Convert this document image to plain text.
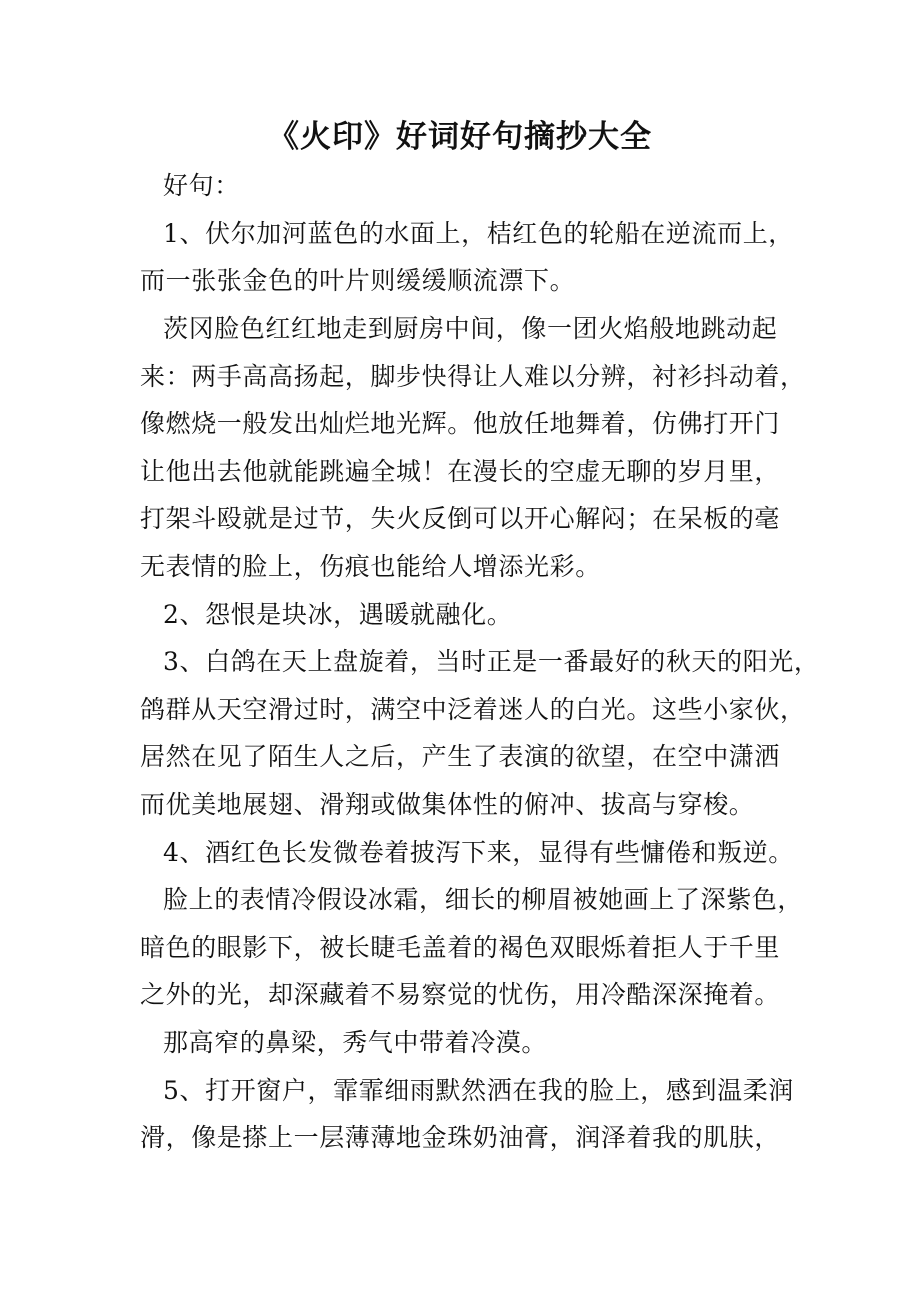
《火印》好词好句摘抄大全

好句：

1、伏尔加河蓝色的水面上，桔红色的轮船在逆流而上，

而一张张金色的叶片则缓缓顺流漂下。

茨冈脸色红红地走到厨房中间，像一团火焰般地跳动起

来：两手高高扬起，脚步快得让人难以分辨，衬衫抖动着，

像燃烧一般发出灿烂地光辉。他放任地舞着，仿佛打开门

让他出去他就能跳遍全城！在漫长的空虚无聊的岁月里，

打架斗殴就是过节，失火反倒可以开心解闷；在呆板的毫

无表情的脸上，伤痕也能给人增添光彩。

2、怨恨是块冰，遇暖就融化。

3、白鸽在天上盘旋着，当时正是一番最好的秋天的阳光，

鸽群从天空滑过时，满空中泛着迷人的白光。这些小家伙，

居然在见了陌生人之后，产生了表演的欲望，在空中潇洒

而优美地展翅、滑翔或做集体性的俯冲、拔高与穿梭。

4、酒红色长发微卷着披泻下来，显得有些慵倦和叛逆。

脸上的表情冷假设冰霜，细长的柳眉被她画上了深紫色，

暗色的眼影下，被长睫毛盖着的褐色双眼烁着拒人于千里

之外的光，却深藏着不易察觉的忧伤，用冷酷深深掩着。

那高窄的鼻梁，秀气中带着冷漠。

5、打开窗户，霏霏细雨默然洒在我的脸上，感到温柔润

滑，像是搽上一层薄薄地金珠奶油膏，润泽着我的肌肤，
